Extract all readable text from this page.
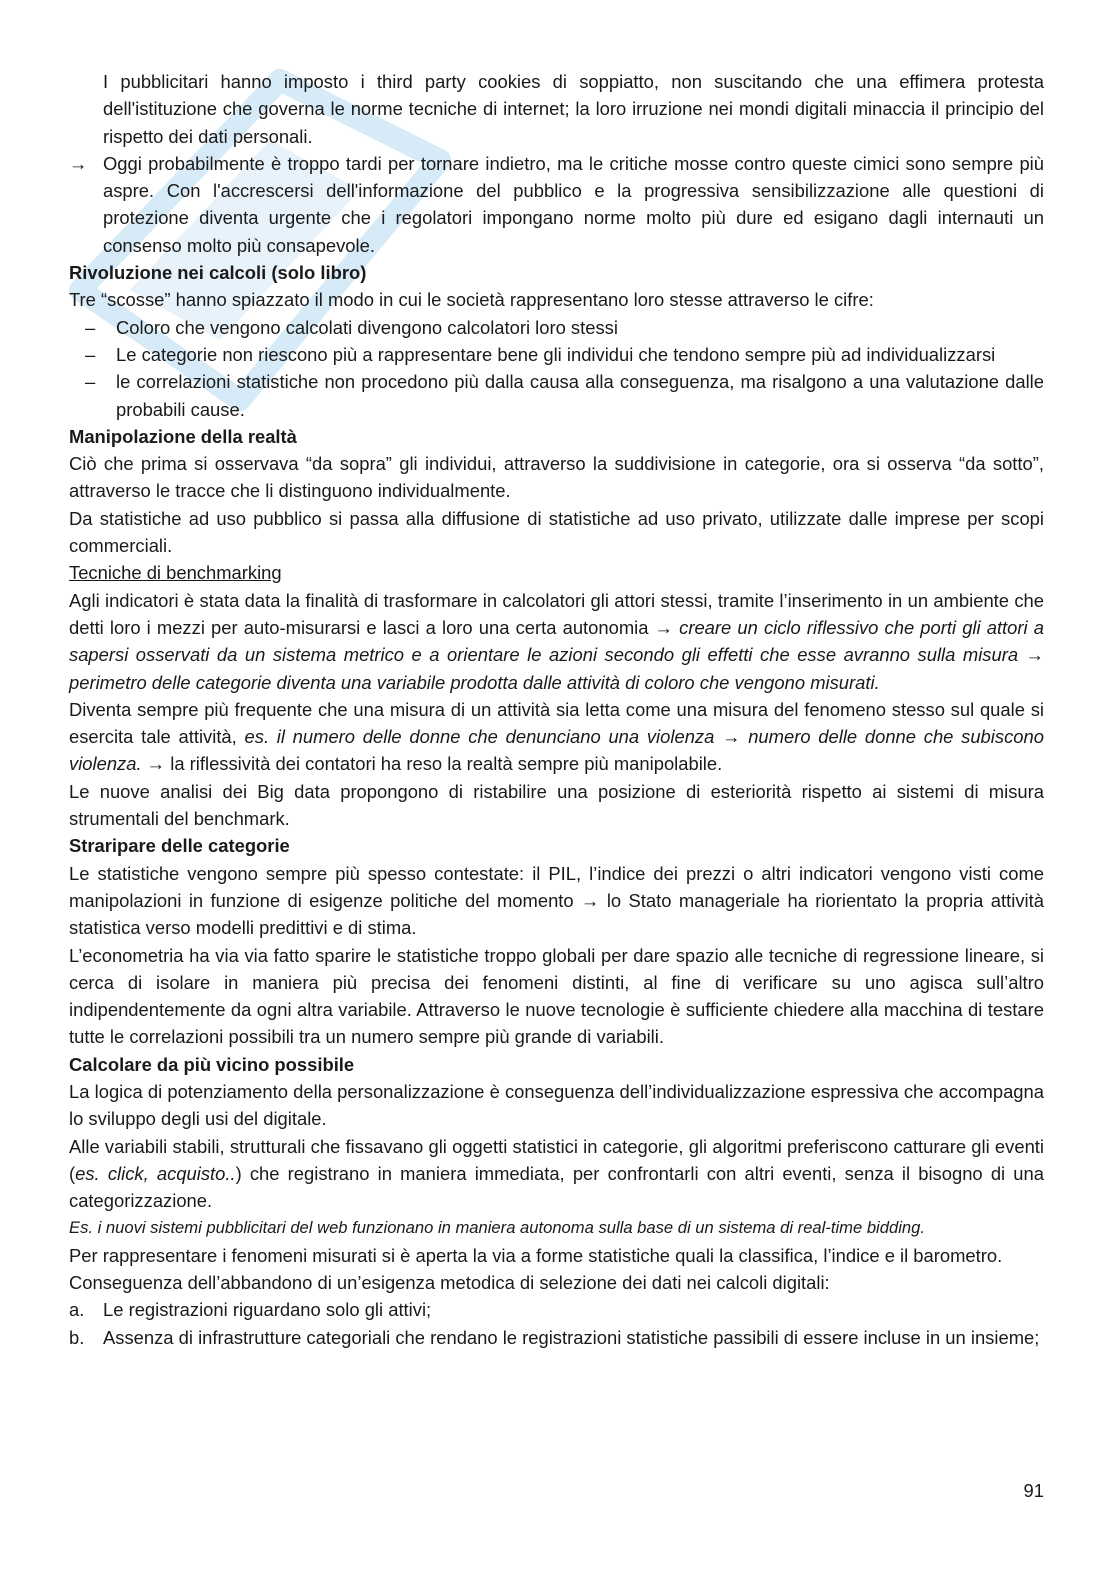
I pubblicitari hanno imposto i third party cookies di soppiatto, non suscitando che una effimera protesta dell'istituzione che governa le norme tecniche di internet; la loro irruzione nei mondi digitali minaccia il principio del rispetto dei dati personali.

→ Oggi probabilmente è troppo tardi per tornare indietro, ma le critiche mosse contro queste cimici sono sempre più aspre. Con l'accrescersi dell'informazione del pubblico e la progressiva sensibilizzazione alle questioni di protezione diventa urgente che i regolatori impongano norme molto più dure ed esigano dagli internauti un consenso molto più consapevole.

Rivoluzione nei calcoli (solo libro)

Tre “scosse” hanno spiazzato il modo in cui le società rappresentano loro stesse attraverso le cifre:

– Coloro che vengono calcolati divengono calcolatori loro stessi

– Le categorie non riescono più a rappresentare bene gli individui che tendono sempre più ad individualizzarsi

– le correlazioni statistiche non procedono più dalla causa alla conseguenza, ma risalgono a una valutazione dalle probabili cause.

Manipolazione della realtà

Ciò che prima si osservava “da sopra” gli individui, attraverso la suddivisione in categorie, ora si osserva “da sotto”, attraverso le tracce che li distinguono individualmente.

Da statistiche ad uso pubblico si passa alla diffusione di statistiche ad uso privato, utilizzate dalle imprese per scopi commerciali.

Tecniche di benchmarking

Agli indicatori è stata data la finalità di trasformare in calcolatori gli attori stessi, tramite l’inserimento in un ambiente che detti loro i mezzi per auto-misurarsi e lasci a loro una certa autonomia → creare un ciclo riflessivo che porti gli attori a sapersi osservati da un sistema metrico e a orientare le azioni secondo gli effetti che esse avranno sulla misura → perimetro delle categorie diventa una variabile prodotta dalle attività di coloro che vengono misurati.

Diventa sempre più frequente che una misura di un attività sia letta come una misura del fenomeno stesso sul quale si esercita tale attività, es. il numero delle donne che denunciano una violenza → numero delle donne che subiscono violenza. → la riflessività dei contatori ha reso la realtà sempre più manipolabile.

Le nuove analisi dei Big data propongono di ristabilire una posizione di esteriorità rispetto ai sistemi di misura strumentali del benchmark.

Straripare delle categorie

Le statistiche vengono sempre più spesso contestate: il PIL, l’indice dei prezzi o altri indicatori vengono visti come manipolazioni in funzione di esigenze politiche del momento → lo Stato manageriale ha riorientato la propria attività statistica verso modelli predittivi e di stima.

L’econometria ha via via fatto sparire le statistiche troppo globali per dare spazio alle tecniche di regressione lineare, si cerca di isolare in maniera più precisa dei fenomeni distinti, al fine di verificare su uno agisca sull’altro indipendentemente da ogni altra variabile. Attraverso le nuove tecnologie è sufficiente chiedere alla macchina di testare tutte le correlazioni possibili tra un numero sempre più grande di variabili.

Calcolare da più vicino possibile

La logica di potenziamento della personalizzazione è conseguenza dell’individualizzazione espressiva che accompagna lo sviluppo degli usi del digitale.

Alle variabili stabili, strutturali che fissavano gli oggetti statistici in categorie, gli algoritmi preferiscono catturare gli eventi (es. click, acquisto..) che registrano in maniera immediata, per confrontarli con altri eventi, senza il bisogno di una categorizzazione.

Es. i nuovi sistemi pubblicitari del web funzionano in maniera autonoma sulla base di un sistema di real-time bidding.

Per rappresentare i fenomeni misurati si è aperta la via a forme statistiche quali la classifica, l’indice e il barometro.

Conseguenza dell’abbandono di un’esigenza metodica di selezione dei dati nei calcoli digitali:

a.	Le registrazioni riguardano solo gli attivi;

b.	Assenza di infrastrutture categoriali che rendano le registrazioni statistiche passibili di essere incluse in un insieme;

91
